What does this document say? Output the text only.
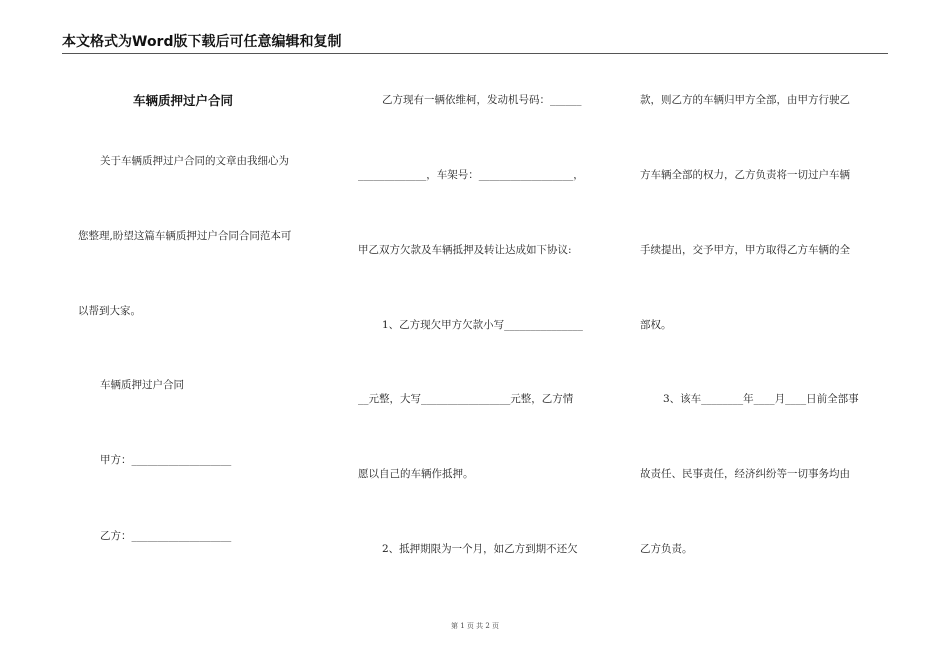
本文格式为Word版下载后可任意编辑和复制
车辆质押过户合同
关于车辆质押过户合同的文章由我细心为
您整理,盼望这篇车辆质押过户合同合同范本可
以帮到大家。
车辆质押过户合同
甲方：___________________
乙方：___________________
乙方现有一辆依维柯，发动机号码：______
_____________，车架号：__________________，
甲乙双方欠款及车辆抵押及转让达成如下协议:
1、乙方现欠甲方欠款小写_______________
__元整，大写_________________元整，乙方情
愿以自己的车辆作抵押。
2、抵押期限为一个月，如乙方到期不还欠
款，则乙方的车辆归甲方全部，由甲方行驶乙
方车辆全部的权力，乙方负责将一切过户车辆
手续提出，交予甲方，甲方取得乙方车辆的全
部权。
3、该车________年____月____日前全部事
故责任、民事责任，经济纠纷等一切事务均由
乙方负责。
第 1 页 共 2 页
